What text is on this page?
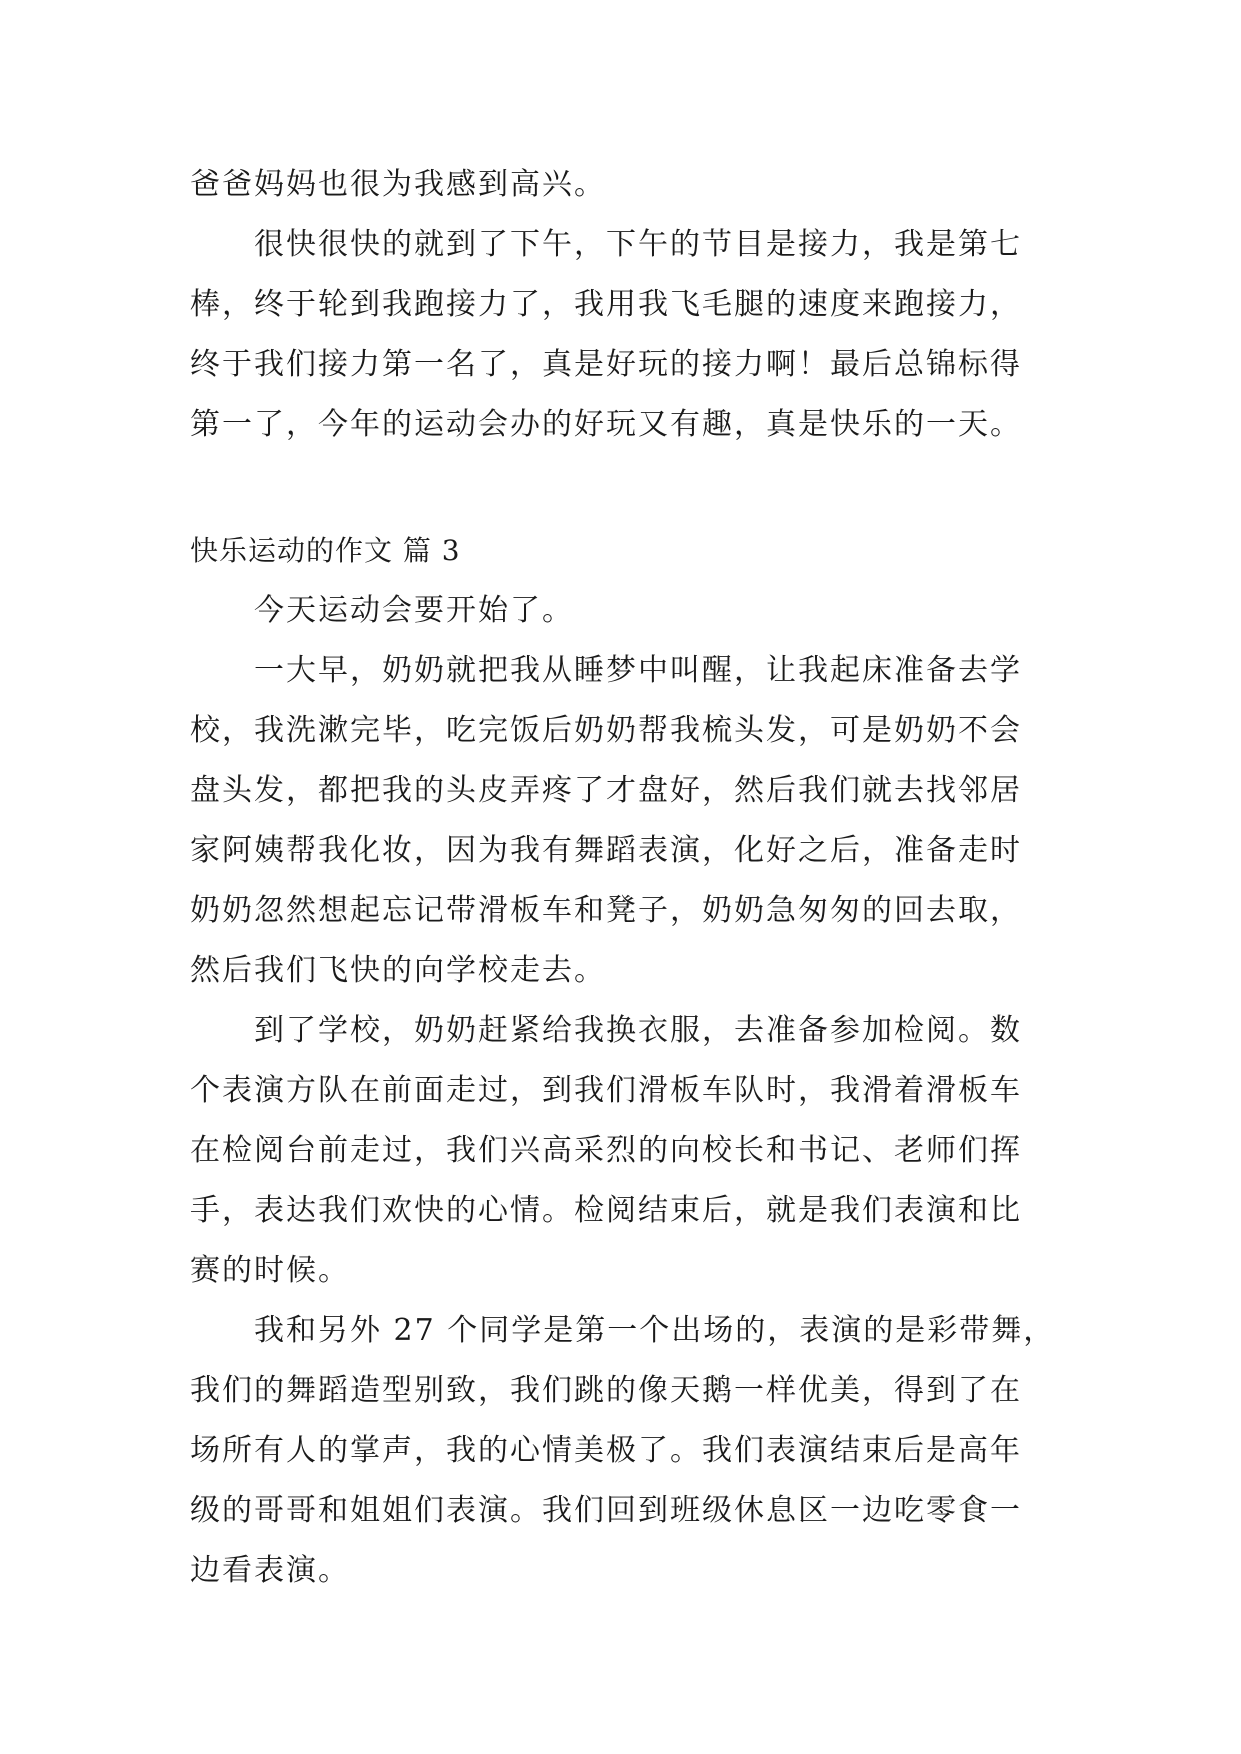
爸爸妈妈也很为我感到高兴。
很快很快的就到了下午，下午的节目是接力，我是第七
棒，终于轮到我跑接力了，我用我飞毛腿的速度来跑接力，
终于我们接力第一名了，真是好玩的接力啊！最后总锦标得
第一了，今年的运动会办的好玩又有趣，真是快乐的一天。
快乐运动的作文 篇 3
今天运动会要开始了。
一大早，奶奶就把我从睡梦中叫醒，让我起床准备去学
校，我洗漱完毕，吃完饭后奶奶帮我梳头发，可是奶奶不会
盘头发，都把我的头皮弄疼了才盘好，然后我们就去找邻居
家阿姨帮我化妆，因为我有舞蹈表演，化好之后，准备走时
奶奶忽然想起忘记带滑板车和凳子，奶奶急匆匆的回去取，
然后我们飞快的向学校走去。
到了学校，奶奶赶紧给我换衣服，去准备参加检阅。数
个表演方队在前面走过，到我们滑板车队时，我滑着滑板车
在检阅台前走过，我们兴高采烈的向校长和书记、老师们挥
手，表达我们欢快的心情。检阅结束后，就是我们表演和比
赛的时候。
我和另外 27 个同学是第一个出场的，表演的是彩带舞，
我们的舞蹈造型别致，我们跳的像天鹅一样优美，得到了在
场所有人的掌声，我的心情美极了。我们表演结束后是高年
级的哥哥和姐姐们表演。我们回到班级休息区一边吃零食一
边看表演。
